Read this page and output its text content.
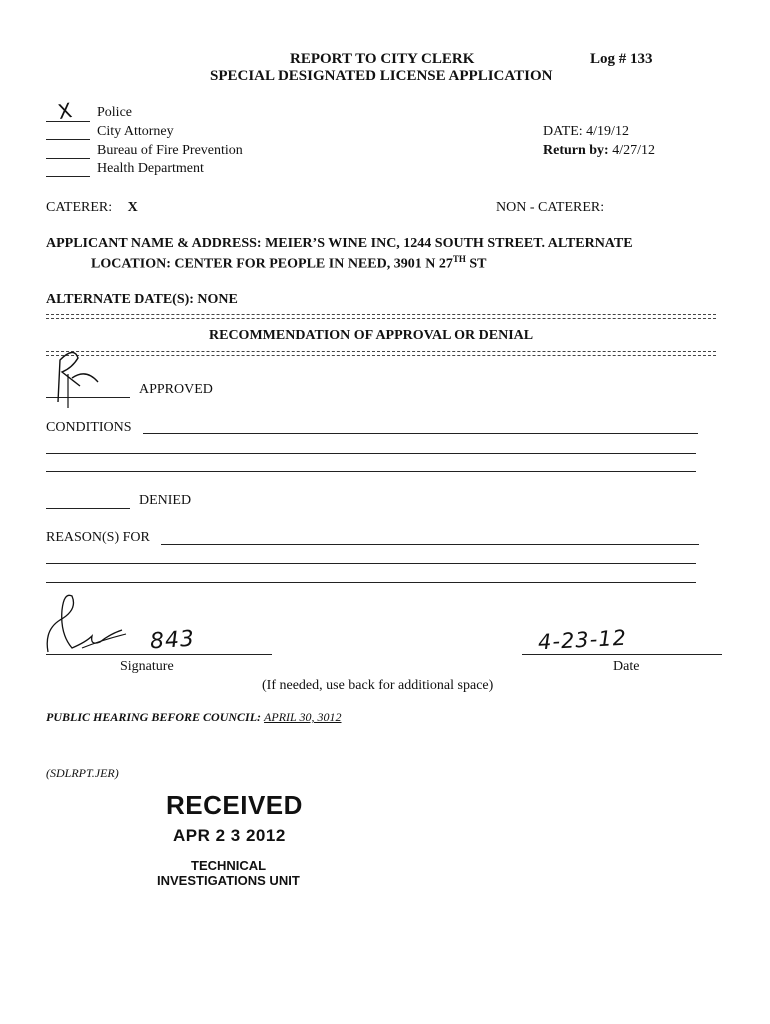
REPORT TO CITY CLERK
SPECIAL DESIGNATED LICENSE APPLICATION
Log # 133
X Police
City Attorney
Bureau of Fire Prevention
Health Department
DATE: 4/19/12
Return by: 4/27/12
CATERER: X	NON - CATERER:
APPLICANT NAME & ADDRESS: MEIER’S WINE INC, 1244 SOUTH STREET. ALTERNATE
LOCATION: CENTER FOR PEOPLE IN NEED, 3901 N 27TH ST
ALTERNATE DATE(S): NONE
RECOMMENDATION OF APPROVAL OR DENIAL
APPROVED
CONDITIONS
DENIED
REASON(S) FOR
843
Signature
4-23-12
Date
(If needed, use back for additional space)
PUBLIC HEARING BEFORE COUNCIL: APRIL 30, 3012
(SDLRPT.JER)
RECEIVED
APR 2 3 2012
TECHNICAL
INVESTIGATIONS UNIT
